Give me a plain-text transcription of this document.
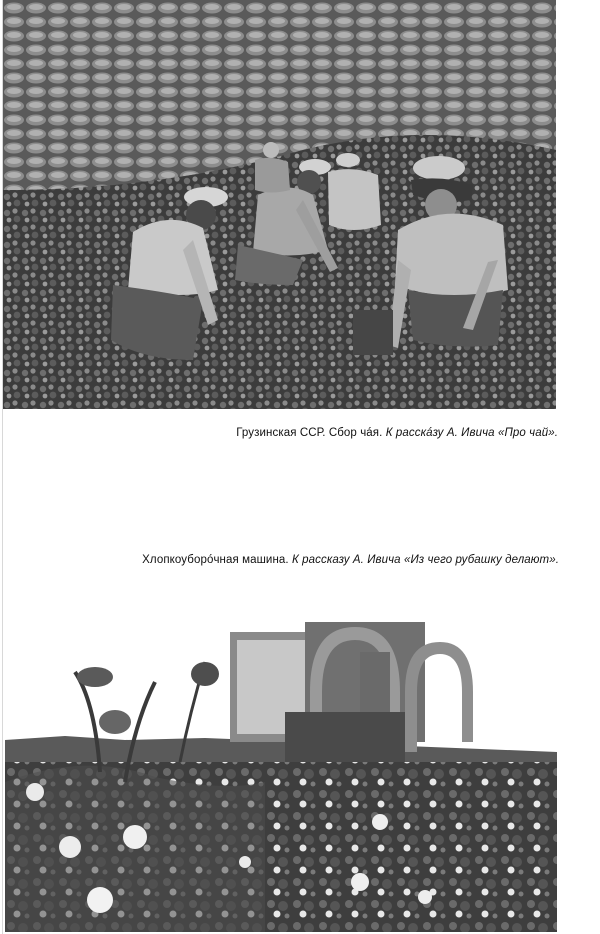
Грузинская ССР. Сбор чáя. К расскáзу А. Ивича «Про чай».
Хлопкоуборóчная машина. К рассказу А. Ивича «Из чего рубашку делают».
